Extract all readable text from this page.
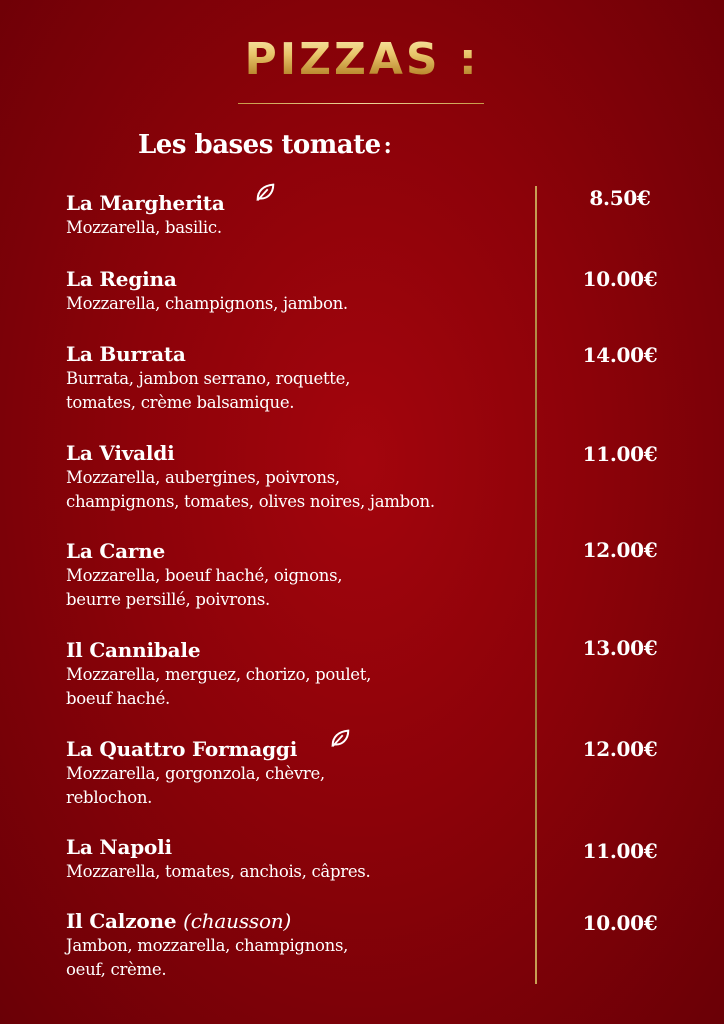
PIZZAS :
Les bases tomate :
La Margherita
Mozzarella, basilic.
8.50€
La Regina
Mozzarella, champignons, jambon.
10.00€
La Burrata
Burrata, jambon serrano, roquette,
tomates, crème balsamique.
14.00€
La Vivaldi
Mozzarella, aubergines, poivrons,
champignons, tomates, olives noires, jambon.
11.00€
La Carne
Mozzarella, boeuf haché, oignons,
beurre persillé, poivrons.
12.00€
Il Cannibale
Mozzarella, merguez, chorizo, poulet,
boeuf haché.
13.00€
La Quattro Formaggi
Mozzarella, gorgonzola, chèvre,
reblochon.
12.00€
La Napoli
Mozzarella, tomates, anchois, câpres.
11.00€
Il Calzone (chausson)
Jambon, mozzarella, champignons,
oeuf, crème.
10.00€
